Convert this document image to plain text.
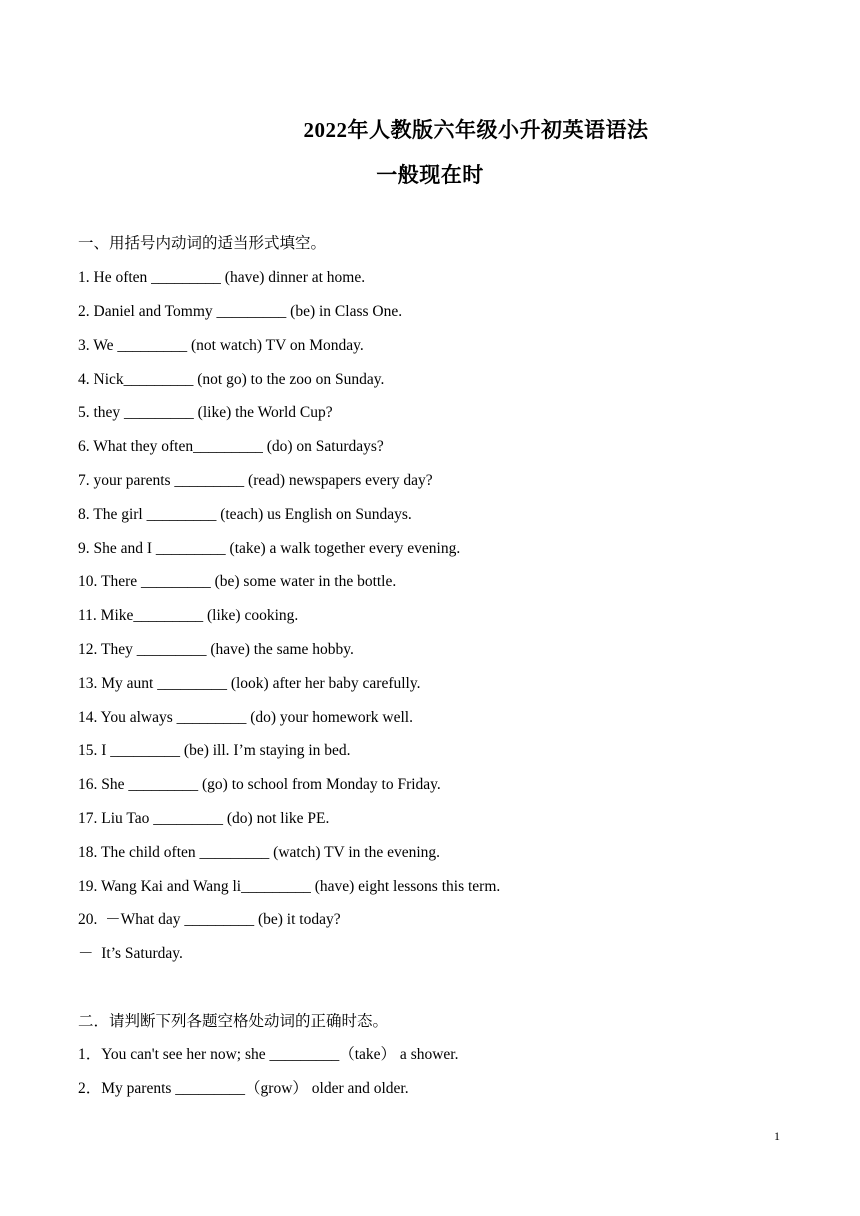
2022年人教版六年级小升初英语语法
一般现在时
一、用括号内动词的适当形式填空。
1. He often _________ (have) dinner at home.
2. Daniel and Tommy _________ (be) in Class One.
3. We _________ (not watch) TV on Monday.
4. Nick_________ (not go) to the zoo on Sunday.
5. they _________ (like) the World Cup?
6. What they often_________ (do) on Saturdays?
7. your parents _________ (read) newspapers every day?
8. The girl _________ (teach) us English on Sundays.
9. She and I _________ (take) a walk together every evening.
10. There _________ (be) some water in the bottle.
11. Mike_________ (like) cooking.
12. They _________ (have) the same hobby.
13. My aunt _________ (look) after her baby carefully.
14. You always _________ (do) your homework well.
15. I _________ (be) ill. I’m staying in bed.
16. She _________ (go) to school from Monday to Friday.
17. Liu Tao _________ (do) not like PE.
18. The child often _________ (watch) TV in the evening.
19. Wang Kai and Wang li_________ (have) eight lessons this term.
20.  －What day _________ (be) it today?
－  It’s Saturday.
二．请判断下列各题空格处动词的正确时态。
1．You can't see her now; she _________（take） a shower.
2．My parents _________（grow） older and older.
1
